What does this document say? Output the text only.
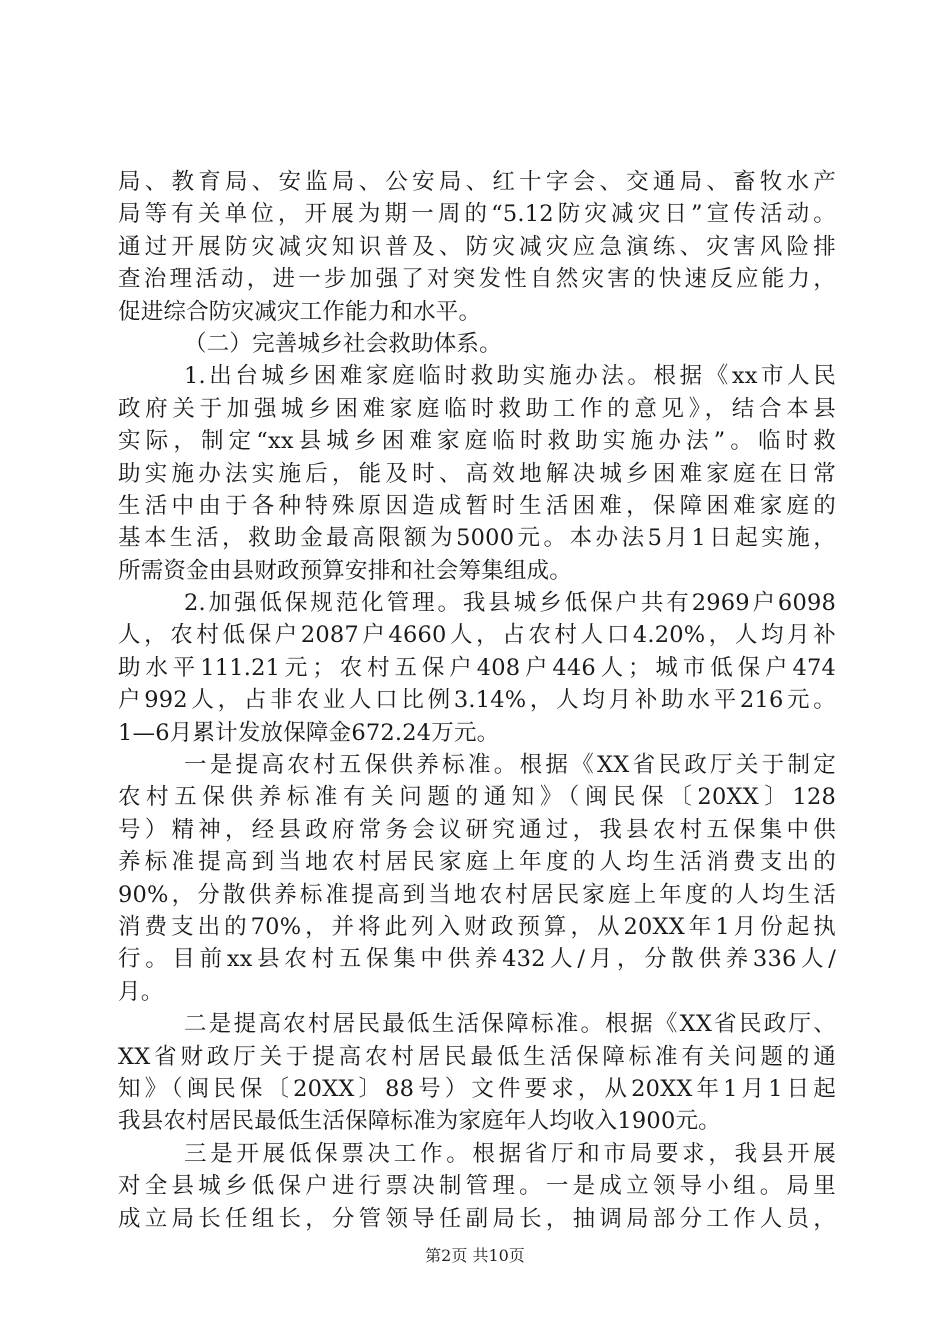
局、教育局、安监局、公安局、红十字会、交通局、畜牧水产
局等有关单位，开展为期一周的“5.12防灾减灾日”宣传活动。
通过开展防灾减灾知识普及、防灾减灾应急演练、灾害风险排
查治理活动，进一步加强了对突发性自然灾害的快速反应能力，
促进综合防灾减灾工作能力和水平。
（二）完善城乡社会救助体系。
1.出台城乡困难家庭临时救助实施办法。根据《xx市人民
政府关于加强城乡困难家庭临时救助工作的意见》，结合本县
实际，制定“xx县城乡困难家庭临时救助实施办法”。临时救
助实施办法实施后，能及时、高效地解决城乡困难家庭在日常
生活中由于各种特殊原因造成暂时生活困难，保障困难家庭的
基本生活，救助金最高限额为5000元。本办法5月1日起实施，
所需资金由县财政预算安排和社会筹集组成。
2.加强低保规范化管理。我县城乡低保户共有2969户6098
人，农村低保户2087户4660人，占农村人口4.20%，人均月补
助水平111.21元；农村五保户408户446人；城市低保户474
户992人，占非农业人口比例3.14%，人均月补助水平216元。
1—6月累计发放保障金672.24万元。
一是提高农村五保供养标准。根据《XX省民政厅关于制定
农村五保供养标准有关问题的通知》（闽民保〔20XX〕128
号）精神，经县政府常务会议研究通过，我县农村五保集中供
养标准提高到当地农村居民家庭上年度的人均生活消费支出的
90%，分散供养标准提高到当地农村居民家庭上年度的人均生活
消费支出的70%，并将此列入财政预算，从20XX年1月份起执
行。目前xx县农村五保集中供养432人/月，分散供养336人/
月。
二是提高农村居民最低生活保障标准。根据《XX省民政厅、
XX省财政厅关于提高农村居民最低生活保障标准有关问题的通
知》（闽民保〔20XX〕88号）文件要求，从20XX年1月1日起
我县农村居民最低生活保障标准为家庭年人均收入1900元。
三是开展低保票决工作。根据省厅和市局要求，我县开展
对全县城乡低保户进行票决制管理。一是成立领导小组。局里
成立局长任组长，分管领导任副局长，抽调局部分工作人员，
第2页 共10页
